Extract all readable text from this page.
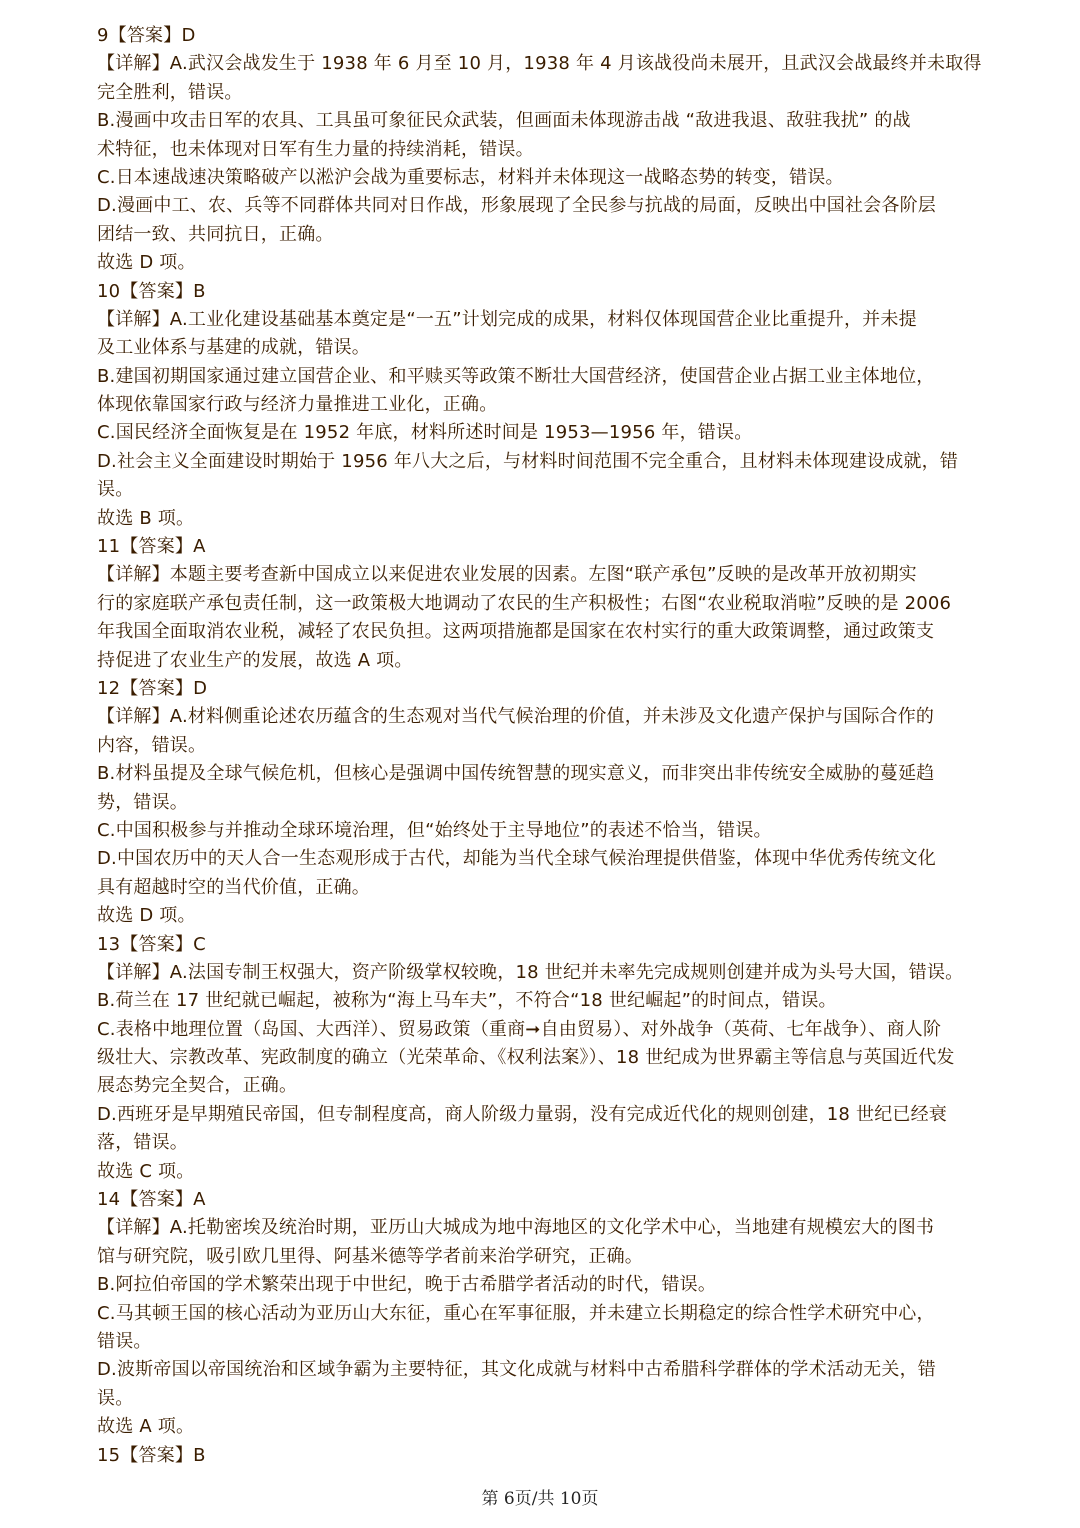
9【答案】D
【详解】A.武汉会战发生于 1938 年 6 月至 10 月，1938 年 4 月该战役尚未展开，且武汉会战最终并未取得
完全胜利，错误。
B.漫画中攻击日军的农具、工具虽可象征民众武装，但画面未体现游击战 “敌进我退、敌驻我扰” 的战
术特征，也未体现对日军有生力量的持续消耗，错误。
C.日本速战速决策略破产以淞沪会战为重要标志，材料并未体现这一战略态势的转变，错误。
D.漫画中工、农、兵等不同群体共同对日作战，形象展现了全民参与抗战的局面，反映出中国社会各阶层
团结一致、共同抗日，正确。
故选 D 项。
10【答案】B
【详解】A.工业化建设基础基本奠定是“一五”计划完成的成果，材料仅体现国营企业比重提升，并未提
及工业体系与基建的成就，错误。
B.建国初期国家通过建立国营企业、和平赎买等政策不断壮大国营经济，使国营企业占据工业主体地位，
体现依靠国家行政与经济力量推进工业化，正确。
C.国民经济全面恢复是在 1952 年底，材料所述时间是 1953—1956 年，错误。
D.社会主义全面建设时期始于 1956 年八大之后，与材料时间范围不完全重合，且材料未体现建设成就，错
误。
故选 B 项。
11【答案】A
【详解】本题主要考查新中国成立以来促进农业发展的因素。左图“联产承包”反映的是改革开放初期实
行的家庭联产承包责任制，这一政策极大地调动了农民的生产积极性；右图“农业税取消啦”反映的是 2006
年我国全面取消农业税，减轻了农民负担。这两项措施都是国家在农村实行的重大政策调整，通过政策支
持促进了农业生产的发展，故选 A 项。
12【答案】D
【详解】A.材料侧重论述农历蕴含的生态观对当代气候治理的价值，并未涉及文化遗产保护与国际合作的
内容，错误。
B.材料虽提及全球气候危机，但核心是强调中国传统智慧的现实意义，而非突出非传统安全威胁的蔓延趋
势，错误。
C.中国积极参与并推动全球环境治理，但“始终处于主导地位”的表述不恰当，错误。
D.中国农历中的天人合一生态观形成于古代，却能为当代全球气候治理提供借鉴，体现中华优秀传统文化
具有超越时空的当代价值，正确。
故选 D 项。
13【答案】C
【详解】A.法国专制王权强大，资产阶级掌权较晚，18 世纪并未率先完成规则创建并成为头号大国，错误。
B.荷兰在 17 世纪就已崛起，被称为“海上马车夫”，不符合“18 世纪崛起”的时间点，错误。
C.表格中地理位置（岛国、大西洋）、贸易政策（重商➞自由贸易）、对外战争（英荷、七年战争）、商人阶
级壮大、宗教改革、宪政制度的确立（光荣革命、《权利法案》）、18 世纪成为世界霸主等信息与英国近代发
展态势完全契合，正确。
D.西班牙是早期殖民帝国，但专制程度高，商人阶级力量弱，没有完成近代化的规则创建，18 世纪已经衰
落，错误。
故选 C 项。
14【答案】A
【详解】A.托勒密埃及统治时期，亚历山大城成为地中海地区的文化学术中心，当地建有规模宏大的图书
馆与研究院，吸引欧几里得、阿基米德等学者前来治学研究，正确。
B.阿拉伯帝国的学术繁荣出现于中世纪，晚于古希腊学者活动的时代，错误。
C.马其顿王国的核心活动为亚历山大东征，重心在军事征服，并未建立长期稳定的综合性学术研究中心，
错误。
D.波斯帝国以帝国统治和区域争霸为主要特征，其文化成就与材料中古希腊科学群体的学术活动无关，错
误。
故选 A 项。
15【答案】B
第 6页/共 10页
